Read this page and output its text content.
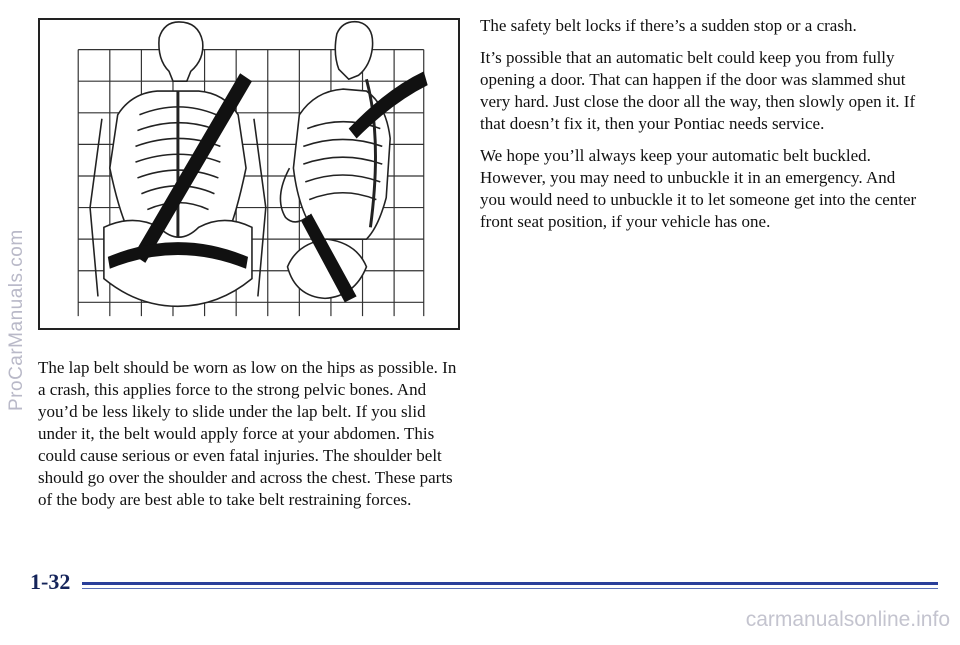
ProCarManuals.com The lap belt should be worn as low on the hips as possible. In a crash, this applies force to the strong pelvic bones. And you’d be less likely to slide under the lap belt. If you slid under it, the belt would apply force at your abdomen. This could cause serious or even fatal injuries. The shoulder belt should go over the shoulder and across the chest. These parts of the body are best able to take belt restraining forces.

The safety belt locks if there’s a sudden stop or a crash.

It’s possible that an automatic belt could keep you from fully opening a door. That can happen if the door was slammed shut very hard. Just close the door all the way, then slowly open it. If that doesn’t fix it, then your Pontiac needs service.

We hope you’ll always keep your automatic belt buckled. However, you may need to unbuckle it in an emergency. And you would need to unbuckle it to let someone get into the center front seat position, if your vehicle has one.

1-32
carmanualsonline.info
